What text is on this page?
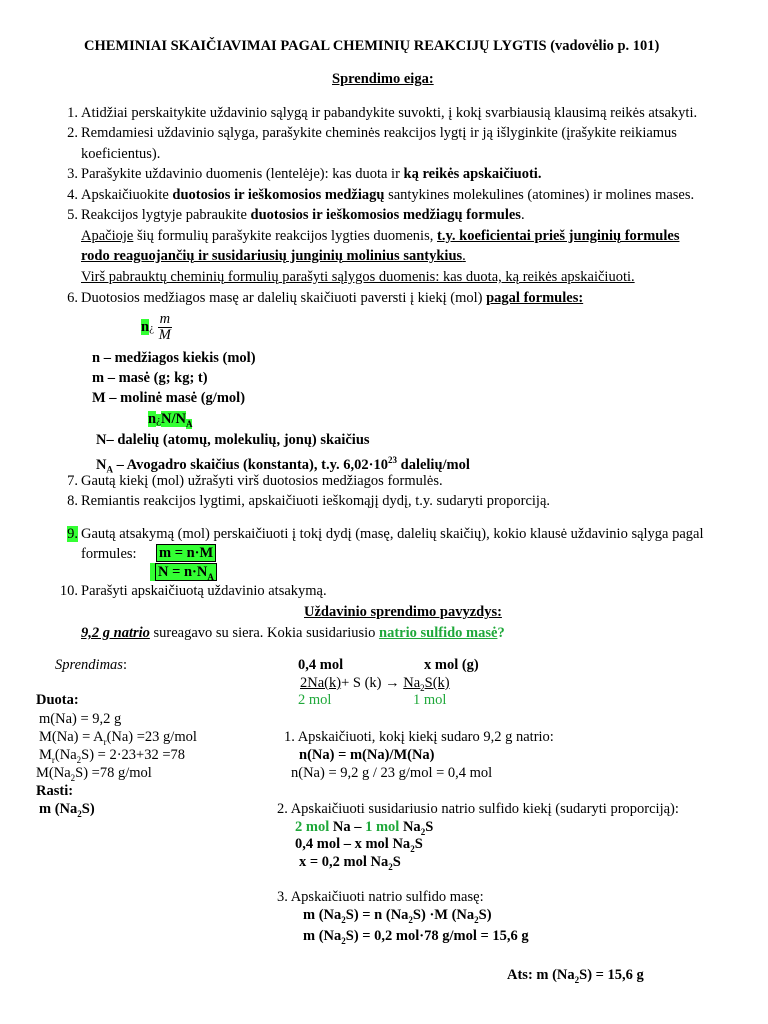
CHEMINIAI SKAIČIAVIMAI PAGAL CHEMINIŲ REAKCIJŲ LYGTIS (vadovėlio p. 101)
Sprendimo eiga:
1. Atidžiai perskaitykite uždavinio sąlygą ir pabandykite suvokti, į kokį svarbiausią klausimą reikės atsakyti.
2. Remdamiesi uždavinio sąlyga, parašykite cheminės reakcijos lygtį ir ją išlyginkite (įrašykite reikiamus
koeficientus).
3. Parašykite uždavinio duomenis (lentelėje): kas duota ir ką reikės apskaičiuoti.
4. Apskaičiuokite duotosios ir ieškomosios medžiagų santykines molekulines (atomines) ir molines mases.
5. Reakcijos lygtyje pabraukite duotosios ir ieškomosios medžiagų formules.
Apačioje šių formulių parašykite reakcijos lygties duomenis, t.y. koeficientai prieš junginių formules
rodo reaguojančių ir susidariusių junginių molinius santykius.
Virš pabrauktų cheminių formulių parašyti sąlygos duomenis: kas duota, ką reikės apskaičiuoti.
6. Duotosios medžiagos masę ar dalelių skaičiuoti paversti į kiekį (mol) pagal formules:
n¿ $\frac{m}{M}$
n – medžiagos kiekis (mol)
m – masė (g; kg; t)
M – molinė masė (g/mol)
$n¿N/N_A$
N– dalelių (atomų, molekulių, jonų) skaičius
$N_A$ – Avogadro skaičius (konstanta), t.y. $6,02\cdot 10^{23}$ dalelių/mol
7. Gautą kiekį (mol) užrašyti virš duotosios medžiagos formulės.
8. Remiantis reakcijos lygtimi, apskaičiuoti ieškomąjį dydį, t.y. sudaryti proporciją.
9. Gautą atsakymą (mol) perskaičiuoti į tokį dydį (masę, dalelių skaičių), kokio klausė uždavinio sąlyga pagal
formules: m = n·M
$N = n\cdot N_A$
10. Parašyti apskaičiuotą uždavinio atsakymą.
Uždavinio sprendimo pavyzdys:
9,2 g natrio sureagavo su siera. Kokia susidariusio natrio sulfido masė?
Sprendimas:
Duota:
m(Na) = 9,2 g
$M(Na) = A_r(Na) =23$ g/mol
$M_r(Na_2S) = 2\cdot 23+32 =78$
$M(Na_2S) =78$ g/mol
Rasti:
m $(Na_2S)$
0,4 mol	x mol (g)
2Na(k)+ S $(k) \to Na_2S(k)$
2 mol	1 mol
1. Apskaičiuoti, kokį kiekį sudaro 9,2 g natrio:
n(Na) = m(Na)/M(Na)
n(Na) = 9,2 g / 23 g/mol = 0,4 mol
2. Apskaičiuoti susidariusio natrio sulfido kiekį (sudaryti proporciją):
2 mol Na – 1 mol $Na_2S$
0,4 mol – x mol $Na_2S$
x = 0,2 mol $Na_2S$
3. Apskaičiuoti natrio sulfido masę:
m $(Na_2S) = n$ $(Na_2S) \cdot M$ $(Na_2S)$
m $(Na_2S) = 0,2$ mol·78 g/mol = 15,6 g
Ats: m $(Na_2S) = 15,6$ g
